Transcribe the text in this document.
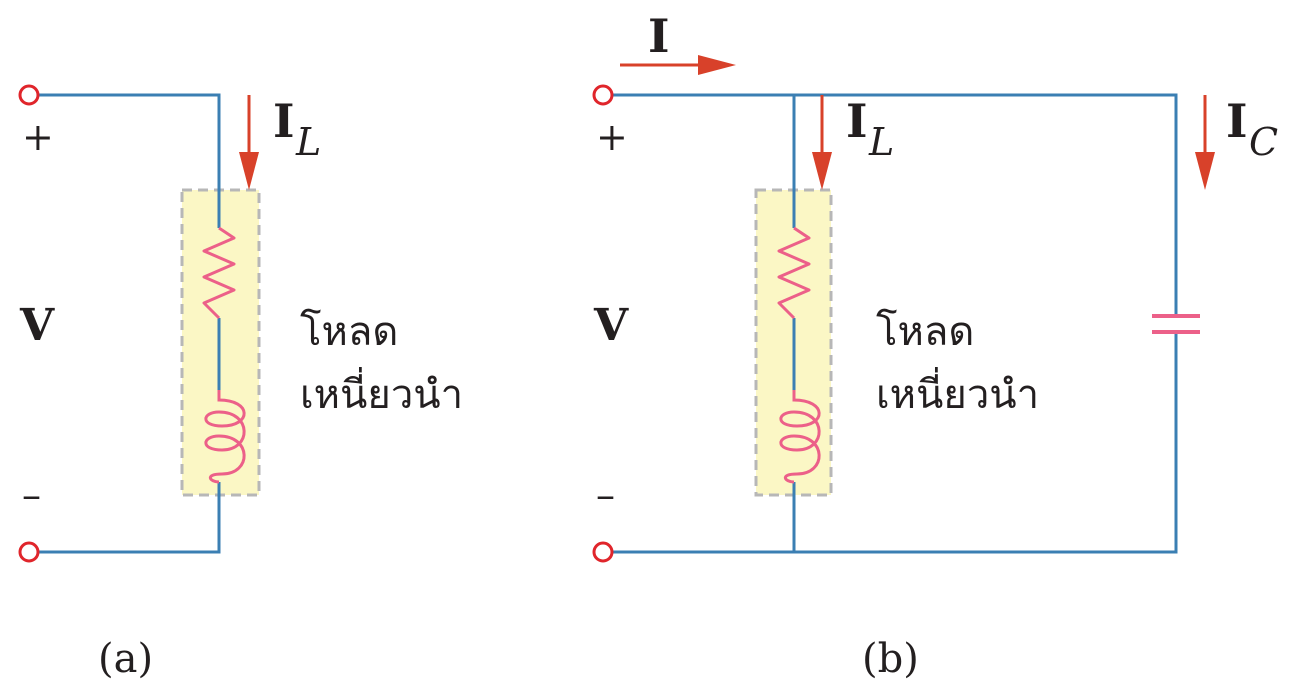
+
–
V
I L
โหลด
เหนี่ยวนำ
(a)
+
–
V
I
I L	I C
โหลด
เหนี่ยวนำ
(b)
